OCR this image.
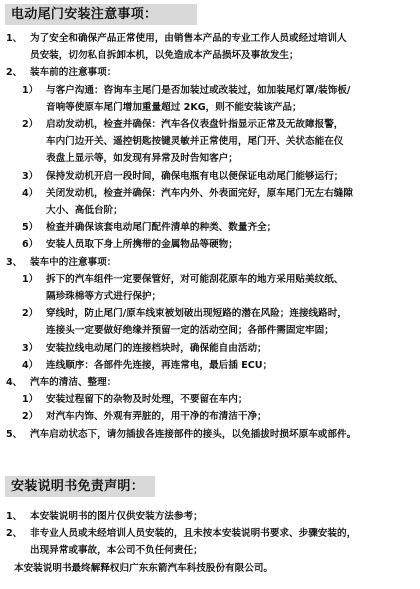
电动尾门安装注意事项：
1、 为了安全和确保产品正常使用，由销售本产品的专业工作人员或经过培训人
员安装，切勿私自拆卸本机，以免造成本产品损坏及事故发生；
2、 装车前的注意事项：
1） 与客户沟通：咨询车主尾门是否加装过或改装过，如加装尾灯罩/装饰板/
音响等使原车尾门增加重量超过 2KG，则不能安装该产品；
2） 启动发动机，检查并确保：汽车各仪表盘针指显示正常及无故障报警，
车内门边开关、遥控钥匙按键灵敏并正常使用，尾门开、关状态能在仪
表盘上显示等，如发现有异常及时告知客户；
3） 保持发动机开启一段时间，确保电瓶有电以便保证电动尾门能够运行；
4） 关闭发动机，检查并确保：汽车内外、外表面完好，原车尾门无左右缝隙
大小、高低台阶；
5） 检查并确保该套电动尾门配件清单的种类、数量齐全；
6） 安装人员取下身上所携带的金属物品等硬物；
3、 装车中的注意事项：
1） 拆下的汽车组件一定要保管好，对可能刮花原车的地方采用贴美纹纸、
隔珍珠棉等方式进行保护；
2） 穿线时，防止尾门/原车线束被划破出现短路的潜在风险；连接线路时，
连接头一定要做好绝缘并预留一定的活动空间；各部件需固定牢固；
3） 安装拉线电动尾门的连接档块时，确保能自由活动；
4） 连线顺序：各部件先连接，再连常电，最后插 ECU；
4、 汽车的清洁、整理：
1） 安装过程留下的杂物及时处理，不要留在车内；
2） 对汽车内饰、外观有弄脏的，用干净的布清洁干净；
5、 汽车启动状态下，请勿插拔各连接部件的接头，以免插拔时损坏原车或部件。
安装说明书免责声明：
1、 本安装说明书的图片仅供安装方法参考；
2、 非专业人员或未经培训人员安装的，且未按本安装说明书要求、步骤安装的，
出现异常或事故，本公司不负任何责任；
本安装说明书最终解释权归广东东箭汽车科技股份有限公司。
